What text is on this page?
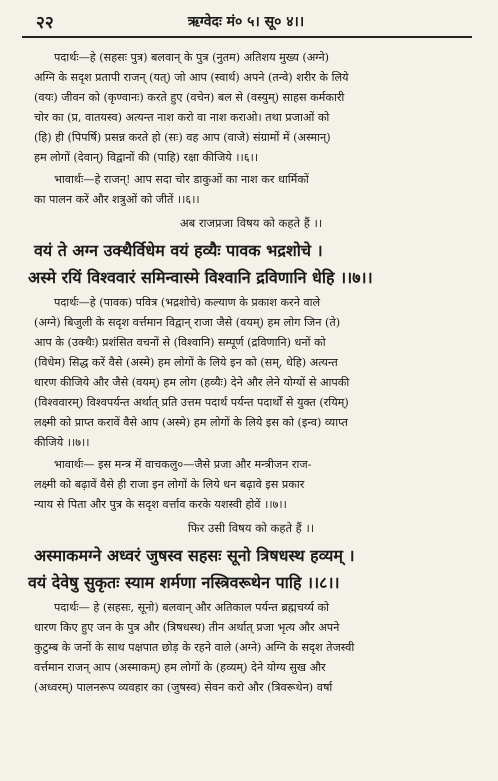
२२	ऋग्वेदः मं० ५। सू० ४।।

पदार्थः—हे (सहसः पुत्र) बलवान् के पुत्र (नुतम) अतिशय मुख्य (अग्ने)

अग्नि के सदृश प्रतापी राजन् (यत्) जो आप (स्वार्थ) अपने (तन्वे) शरीर के लिये

(वयः) जीवन को (कृण्वानः) करते हुए (वचेन) बल से (वस्युम्) साहस कर्मकारी

चोर का (प्र, वातयस्व) अत्यन्त नाश करो वा नाश कराओ। तथा प्रजाओं को

(हि) ही (पिपर्षि) प्रसन्न करते हो (सः) वह आप (वाजे) संग्रामों में (अस्मान्)

हम लोगों (देवान्) विद्वानों की (पाहि) रक्षा कीजिये ।।६।।

भावार्थः—हे राजन्! आप सदा चोर डाकुओं का नाश कर धार्मिकों

का पालन करें और शत्रुओं को जीतें ।।६।।

अब राजप्रजा विषय को कहते हैं ।।

वयं ते अग्न उक्थैर्विधेम वयं हव्यैः पावक भद्रशोचे ।

अस्मे रयिं विश्ववारं समिन्वास्मे विश्वानि द्रविणानि धेहि ।।७।।

पदार्थः—हे (पावक) पवित्र (भद्रशोचे) कल्याण के प्रकाश करने वाले

(अग्ने) बिजुली के सदृश वर्त्तमान विद्वान् राजा जैसे (वयम्) हम लोग जिन (ते)

आप के (उक्थैः) प्रशंसित वचनों से (विश्वानि) सम्पूर्ण (द्रविणानि) धनों को

(विधेम) सिद्ध करें वैसे (अस्मे) हम लोगों के लिये इन को (सम्, धेहि) अत्यन्त

धारण कीजिये और जैसे (वयम्) हम लोग (हव्यैः) देने और लेने योग्यों से आपकी

(विश्ववारम्) विश्वपर्यन्त अर्थात् प्रति उत्तम पदार्थ पर्यन्त पदार्थों से युक्त (रयिम्)

लक्ष्मी को प्राप्त करावें वैसे आप (अस्मे) हम लोगों के लिये इस को (इन्व) व्याप्त

कीजिये ।।७।।

भावार्थः— इस मन्त्र में वाचकलु०—जैसे प्रजा और मन्त्रीजन राज-

लक्ष्मी को बढ़ावें वैसे ही राजा इन लोगों के लिये धन बढ़ावे इस प्रकार

न्याय से पिता और पुत्र के सदृश वर्त्ताव करके यशस्वी होवें ।।७।।

फिर उसी विषय को कहते हैं ।।

अस्माकमग्ने अध्वरं जुषस्व सहसः सूनो त्रिषधस्थ हव्यम् ।

वयं देवेषु सुकृतः स्याम शर्मणा नस्त्रिवरूथेन पाहि ।।८।।

पदार्थः— हे (सहसः, सूनो) बलवान् और अतिकाल पर्यन्त ब्रह्मचर्य्य को

धारण किए हुए जन के पुत्र और (त्रिषधस्थ) तीन अर्थात् प्रजा भृत्य और अपने

कुटुम्ब के जनों के साथ पक्षपात छोड़ के रहने वाले (अग्ने) अग्नि के सदृश तेजस्वी

वर्त्तमान राजन् आप (अस्माकम्) हम लोगों के (हव्यम्) देने योग्य सुख और

(अध्वरम्) पालनरूप व्यवहार का (जुषस्व) सेवन करो और (त्रिवरूथेन) वर्षा
